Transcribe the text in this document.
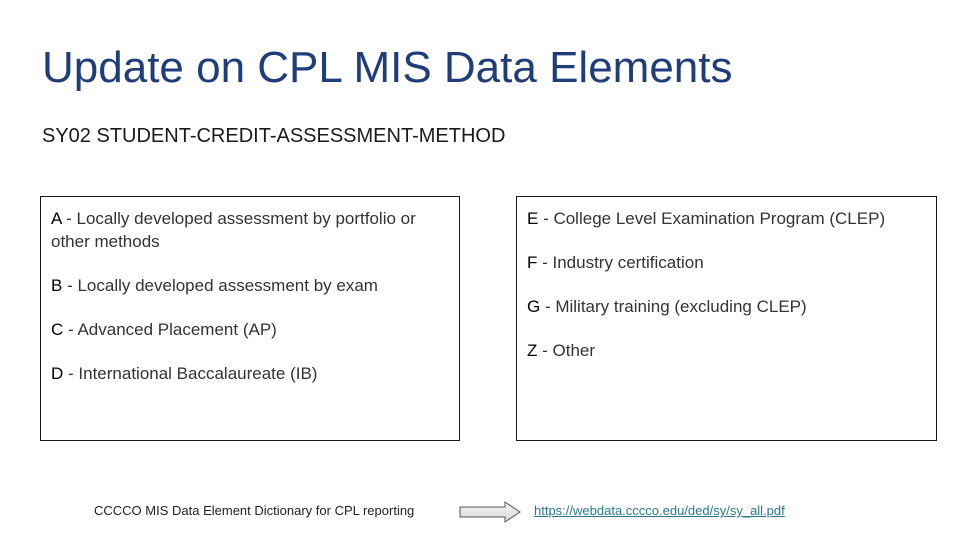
Update on CPL MIS Data Elements
SY02 STUDENT-CREDIT-ASSESSMENT-METHOD
A - Locally developed assessment by portfolio or other methods
B - Locally developed assessment by exam
C - Advanced Placement (AP)
D - International Baccalaureate (IB)
E - College Level Examination Program (CLEP)
F - Industry certification
G - Military training (excluding CLEP)
Z - Other
CCCCO MIS Data Element Dictionary for CPL reporting	https://webdata.cccco.edu/ded/sy/sy_all.pdf
